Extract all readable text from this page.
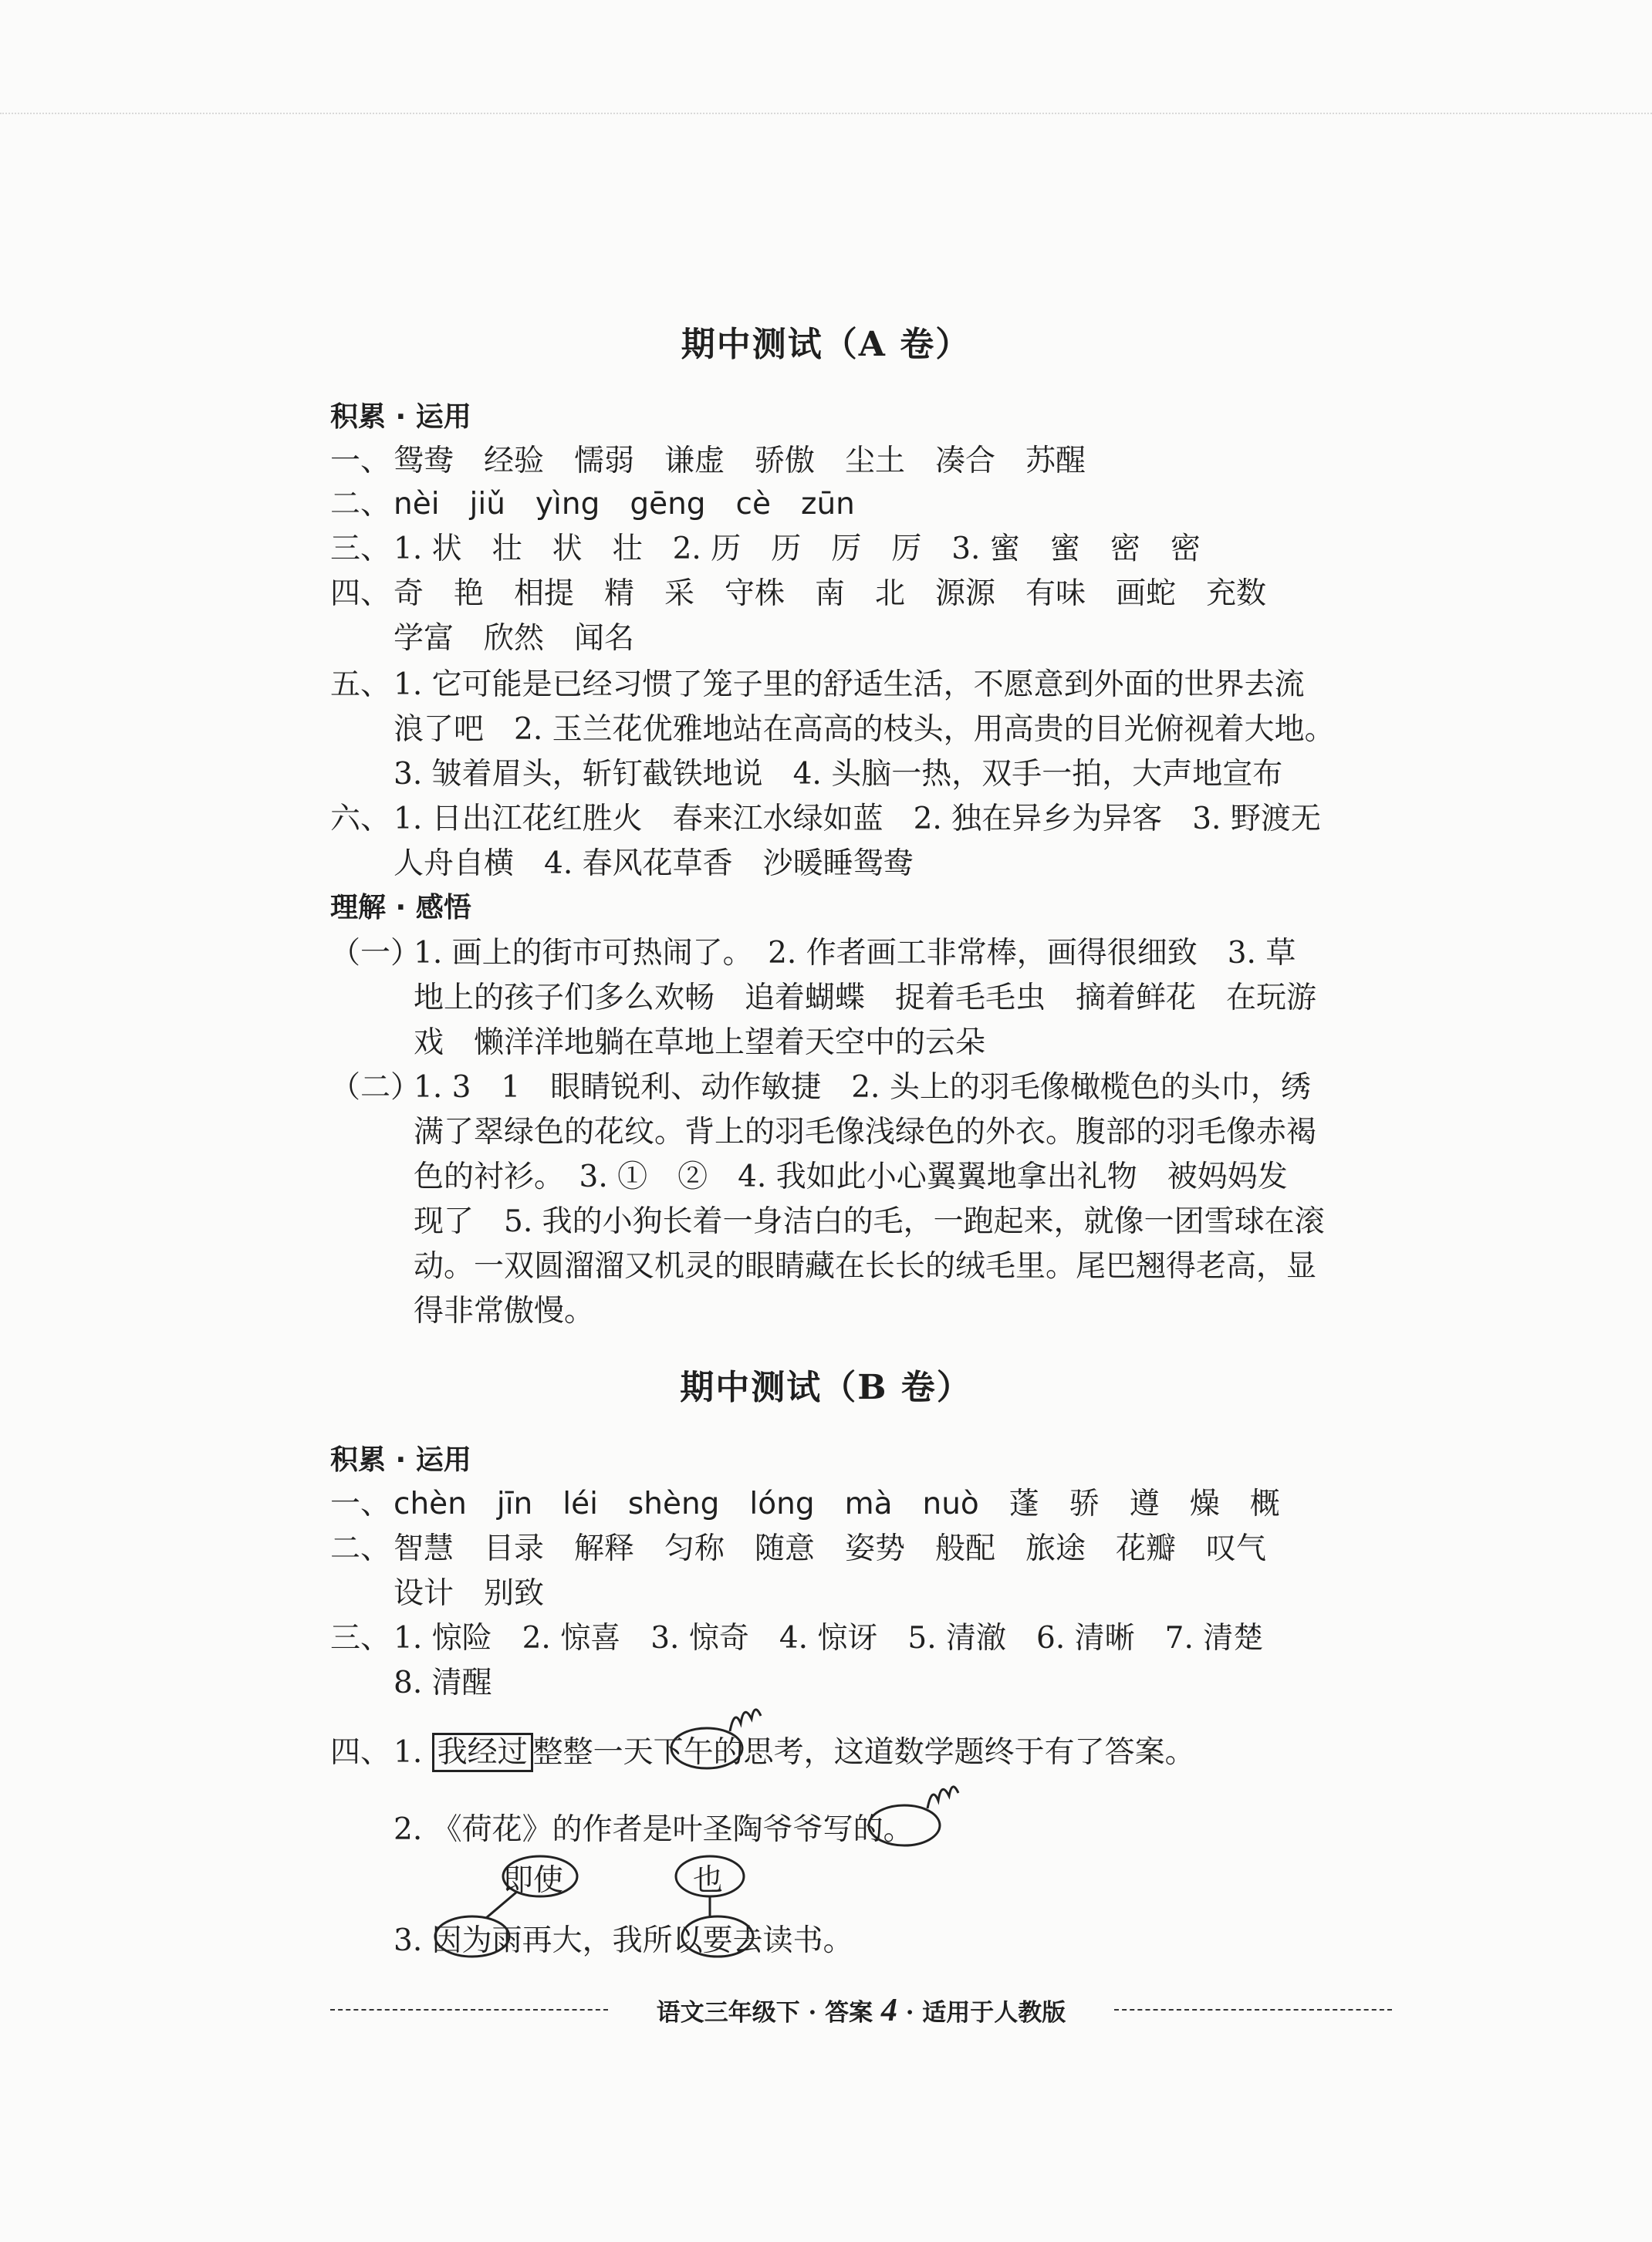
期中测试（A 卷）
积累 · 运用
一、 鸳鸯　经验　懦弱　谦虚　骄傲　尘土　凑合　苏醒
二、 nèi　jiǔ　yìng　gēng　cè　zūn
三、 1. 状　壮　状　壮　2. 历　历　厉　厉　3. 蜜　蜜　密　密
四、 奇　艳　相提　精　采　守株　南　北　源源　有味　画蛇　充数
学富　欣然　闻名
五、 1. 它可能是已经习惯了笼子里的舒适生活，不愿意到外面的世界去流
浪了吧　2. 玉兰花优雅地站在高高的枝头，用高贵的目光俯视着大地。
3. 皱着眉头，斩钉截铁地说　4. 头脑一热，双手一拍，大声地宣布
六、 1. 日出江花红胜火　春来江水绿如蓝　2. 独在异乡为异客　3. 野渡无
人舟自横　4. 春风花草香　沙暖睡鸳鸯
理解 · 感悟
（一）
1. 画上的街市可热闹了。　2. 作者画工非常棒，画得很细致　3. 草
地上的孩子们多么欢畅　追着蝴蝶　捉着毛毛虫　摘着鲜花　在玩游
戏　懒洋洋地躺在草地上望着天空中的云朵
（二）
1. 3　1　眼睛锐利、动作敏捷　2. 头上的羽毛像橄榄色的头巾，绣
满了翠绿色的花纹。背上的羽毛像浅绿色的外衣。腹部的羽毛像赤褐
色的衬衫。　3. ①　②　4. 我如此小心翼翼地拿出礼物　被妈妈发
现了　5. 我的小狗长着一身洁白的毛，一跑起来，就像一团雪球在滚
动。一双圆溜溜又机灵的眼睛藏在长长的绒毛里。尾巴翘得老高，显
得非常傲慢。
期中测试（B 卷）
积累 · 运用
一、 chèn　jīn　léi　shèng　lóng　mà　nuò　蓬　骄　遵　燥　概
二、 智慧　目录　解释　匀称　随意　姿势　般配　旅途　花瓣　叹气
设计　别致
三、 1. 惊险　2. 惊喜　3. 惊奇　4. 惊讶　5. 清澈　6. 清晰　7. 清楚
8. 清醒
四、 1. 我经过 整整一天下午的思考，这道数学题终于有了答案。
2. 《荷花》的作者是叶圣陶爷爷写的。
即使	也
3. 因为雨再大，我所以要去读书。
语文三年级下 · 答案 4 · 适用于人教版
